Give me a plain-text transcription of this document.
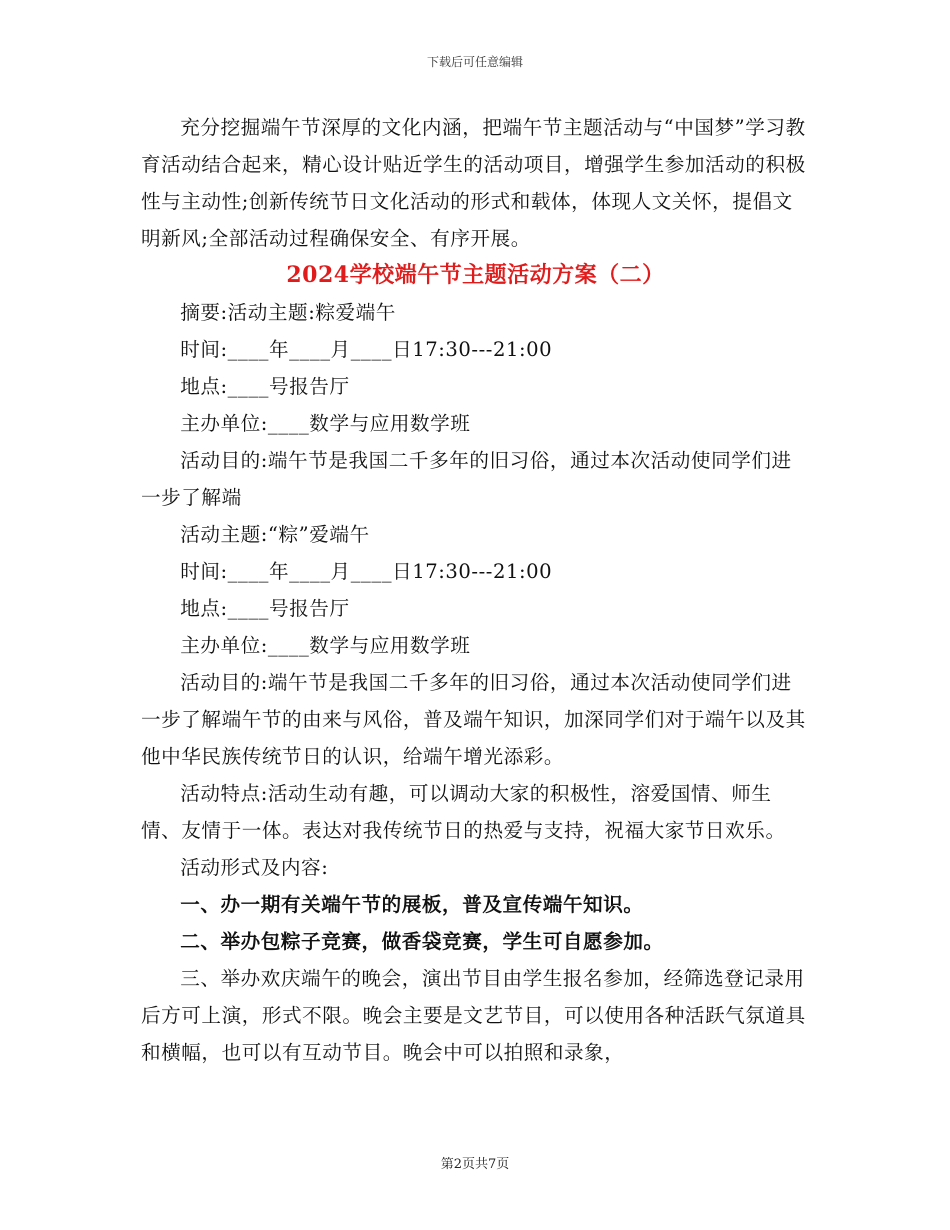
下载后可任意编辑

充分挖掘端午节深厚的文化内涵，把端午节主题活动与“中国梦”学习教育活动结合起来，精心设计贴近学生的活动项目，增强学生参加活动的积极性与主动性;创新传统节日文化活动的形式和载体，体现人文关怀，提倡文明新风;全部活动过程确保安全、有序开展。

2024学校端午节主题活动方案（二）

摘要:活动主题:粽爱端午

时间:____年____月____日17:30---21:00

地点:____号报告厅

主办单位:____数学与应用数学班

活动目的:端午节是我国二千多年的旧习俗，通过本次活动使同学们进一步了解端

活动主题:“粽”爱端午

时间:____年____月____日17:30---21:00

地点:____号报告厅

主办单位:____数学与应用数学班

活动目的:端午节是我国二千多年的旧习俗，通过本次活动使同学们进一步了解端午节的由来与风俗，普及端午知识，加深同学们对于端午以及其他中华民族传统节日的认识，给端午增光添彩。

活动特点:活动生动有趣，可以调动大家的积极性，溶爱国情、师生情、友情于一体。表达对我传统节日的热爱与支持，祝福大家节日欢乐。

活动形式及内容:

一、办一期有关端午节的展板，普及宣传端午知识。

二、举办包粽子竞赛，做香袋竞赛，学生可自愿参加。

三、举办欢庆端午的晚会，演出节目由学生报名参加，经筛选登记录用后方可上演，形式不限。晚会主要是文艺节目，可以使用各种活跃气氛道具和横幅，也可以有互动节目。晚会中可以拍照和录象，

第2页共7页
